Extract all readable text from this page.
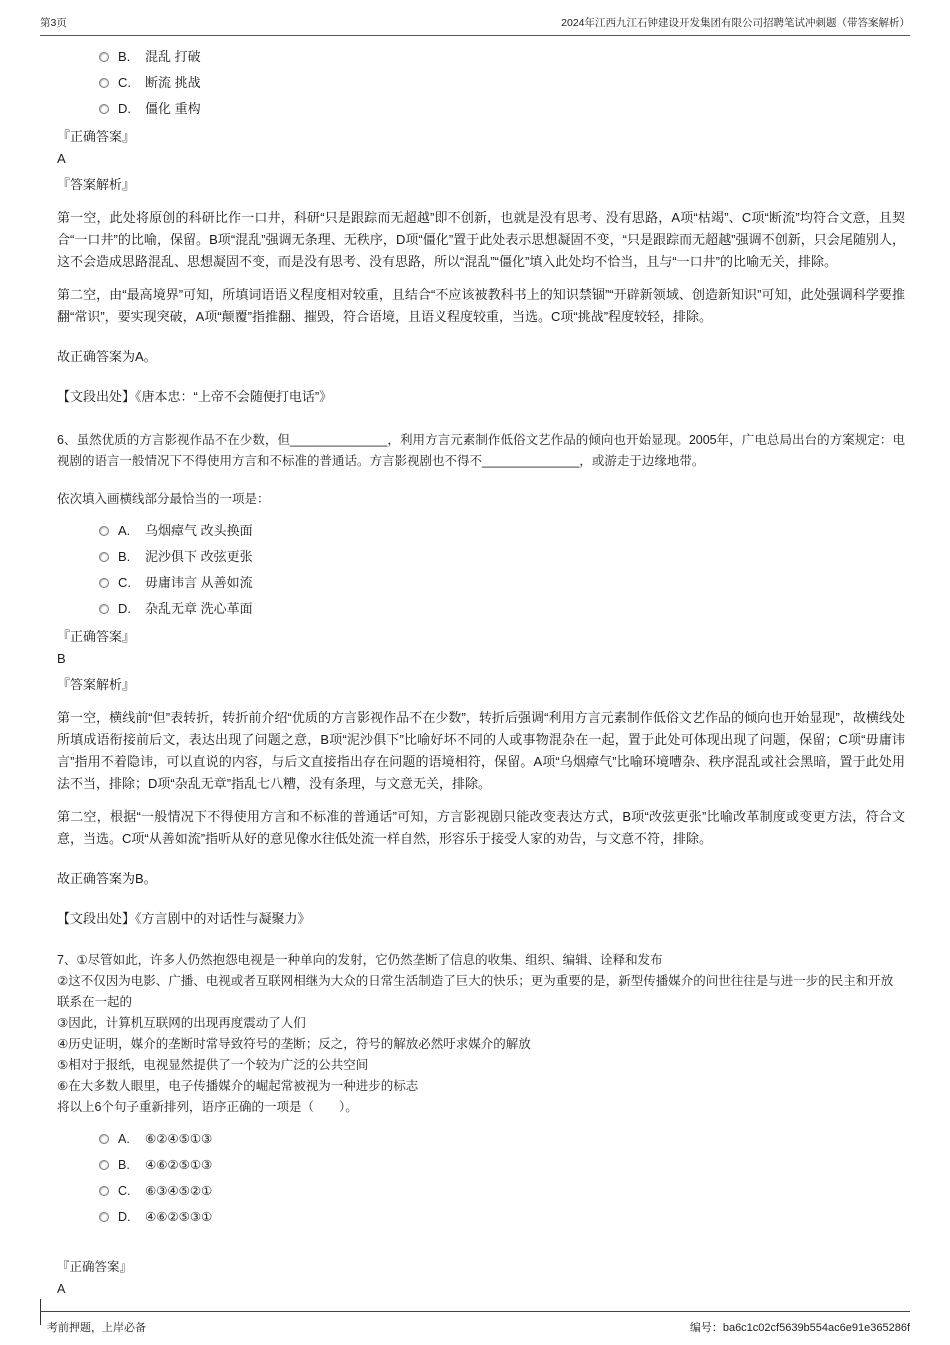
第3页	2024年江西九江石钟建设开发集团有限公司招聘笔试冲刺题（带答案解析）
B.	混乱 打破
C.	断流 挑战
D.	僵化 重构
『正确答案』
A
『答案解析』

第一空，此处将原创的科研比作一口井，科研“只是跟踪而无超越”即不创新，也就是没有思考、没有思路，A项“枯竭”、C项“断流”均符合文意，且契合“一口井”的比喻，保留。B项“混乱”强调无条理、无秩序，D项“僵化”置于此处表示思想凝固不变，“只是跟踪而无超越”强调不创新，只会尾随别人，这不会造成思路混乱、思想凝固不变，而是没有思考、没有思路，所以“混乱”“僵化”填入此处均不恰当，且与“一口井”的比喻无关，排除。

第二空，由“最高境界”可知，所填词语语义程度相对较重，且结合“不应该被教科书上的知识禁锢”“开辟新领域、创造新知识”可知，此处强调科学要推翻“常识”，要实现突破，A项“颠覆”指推翻、摧毁，符合语境，且语义程度较重，当选。C项“挑战”程度较轻，排除。

故正确答案为A。

【文段出处】《唐本忠：“上帝不会随便打电话”》

6、虽然优质的方言影视作品不在少数，但______________，利用方言元素制作低俗文艺作品的倾向也开始显现。2005年，广电总局出台的方案规定：电视剧的语言一般情况下不得使用方言和不标准的普通话。方言影视剧也不得不______________，或游走于边缘地带。

依次填入画横线部分最恰当的一项是：

A.	乌烟瘴气 改头换面
B.	泥沙俱下 改弦更张
C.	毋庸讳言 从善如流
D.	杂乱无章 洗心革面
『正确答案』
B
『答案解析』

第一空，横线前“但”表转折，转折前介绍“优质的方言影视作品不在少数”，转折后强调“利用方言元素制作低俗文艺作品的倾向也开始显现”，故横线处所填成语衔接前后文，表达出现了问题之意，B项“泥沙俱下”比喻好坏不同的人或事物混杂在一起，置于此处可体现出现了问题，保留；C项“毋庸讳言”指用不着隐讳，可以直说的内容，与后文直接指出存在问题的语境相符，保留。A项“乌烟瘴气”比喻环境嘈杂、秩序混乱或社会黑暗，置于此处用法不当，排除；D项“杂乱无章”指乱七八糟，没有条理，与文意无关，排除。

第二空，根据“一般情况下不得使用方言和不标准的普通话”可知，方言影视剧只能改变表达方式，B项“改弦更张”比喻改革制度或变更方法，符合文意，当选。C项“从善如流”指听从好的意见像水往低处流一样自然，形容乐于接受人家的劝告，与文意不符，排除。

故正确答案为B。

【文段出处】《方言剧中的对话性与凝聚力》

7、①尽管如此，许多人仍然抱怨电视是一种单向的发射，它仍然垄断了信息的收集、组织、编辑、诠释和发布
②这不仅因为电影、广播、电视或者互联网相继为大众的日常生活制造了巨大的快乐；更为重要的是，新型传播媒介的问世往往是与进一步的民主和开放联系在一起的
③因此，计算机互联网的出现再度震动了人们
④历史证明，媒介的垄断时常导致符号的垄断；反之，符号的解放必然吁求媒介的解放
⑤相对于报纸，电视显然提供了一个较为广泛的公共空间
⑥在大多数人眼里，电子传播媒介的崛起常被视为一种进步的标志
将以上6个句子重新排列，语序正确的一项是（　　）。
A.	⑥②④⑤①③
B.	④⑥②⑤①③
C.	⑥③④⑤②①
D.	④⑥②⑤③①
『正确答案』
A
考前押题，上岸必备	编号：ba6c1c02cf5639b554ac6e91e365286f
